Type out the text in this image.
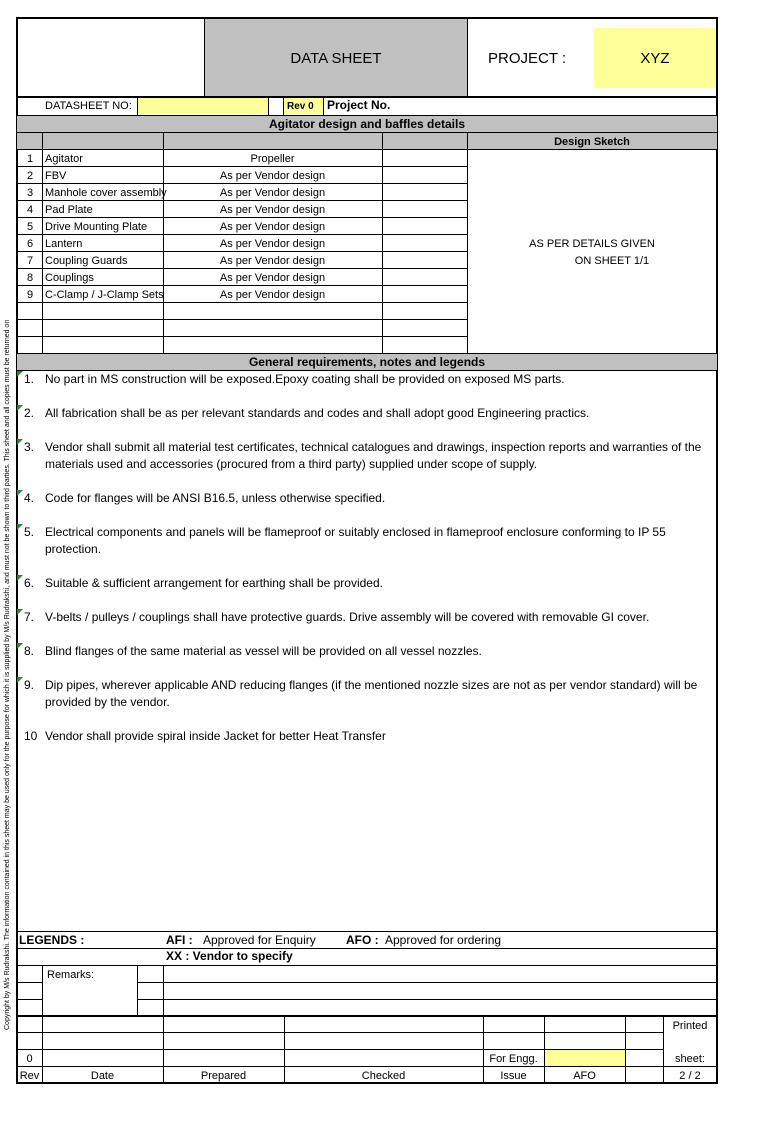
Copyright by M/s Rudrakshi. The information contained in this sheet may be used only for the purpose for which it is supplied by M/s Rudrakshi, and must not be shown to third parties. This sheet and all copies must be returned on
DATA SHEET	PROJECT :	XYZ
DATASHEET NO:	Rev 0 Project No.
Agitator design and baffles details
Design Sketch
1 Agitator	Propeller
2 FBV	As per Vendor design
3 Manhole cover assembly	As per Vendor design
4 Pad Plate	As per Vendor design
5 Drive Mounting Plate	As per Vendor design
6 Lantern	As per Vendor design
7 Coupling Guards	As per Vendor design
8 Couplings	As per Vendor design
9 C-Clamp / J-Clamp Sets	As per Vendor design
AS PER DETAILS GIVEN
ON SHEET 1/1
General requirements, notes and legends
1. No part in MS construction will be exposed.Epoxy coating shall be provided on exposed MS parts.
2. All fabrication shall be as per relevant standards and codes and shall adopt good Engineering practics.
3. Vendor shall submit all material test certificates, technical catalogues and drawings, inspection reports and warranties of the materials used and accessories (procured from a third party) supplied under scope of supply.
4. Code for flanges will be ANSI B16.5, unless otherwise specified.
5. Electrical components and panels will be flameproof or suitably enclosed in flameproof enclosure conforming to IP 55 protection.
6. Suitable & sufficient arrangement for earthing shall be provided.
7. V-belts / pulleys / couplings shall have protective guards. Drive assembly will be covered with removable GI cover.
8. Blind flanges of the same material as vessel will be provided on all vessel nozzles.
9. Dip pipes, wherever applicable AND reducing flanges (if the mentioned nozzle sizes are not as per vendor standard) will be provided by the vendor.
10 Vendor shall provide spiral inside Jacket for better Heat Transfer
LEGENDS :	AFI : Approved for Enquiry	AFO : Approved for ordering
XX : Vendor to specify
Remarks:
0	For Engg.
Printed
sheet:
2 / 2
Rev	Date	Prepared	Checked	Issue	AFO
